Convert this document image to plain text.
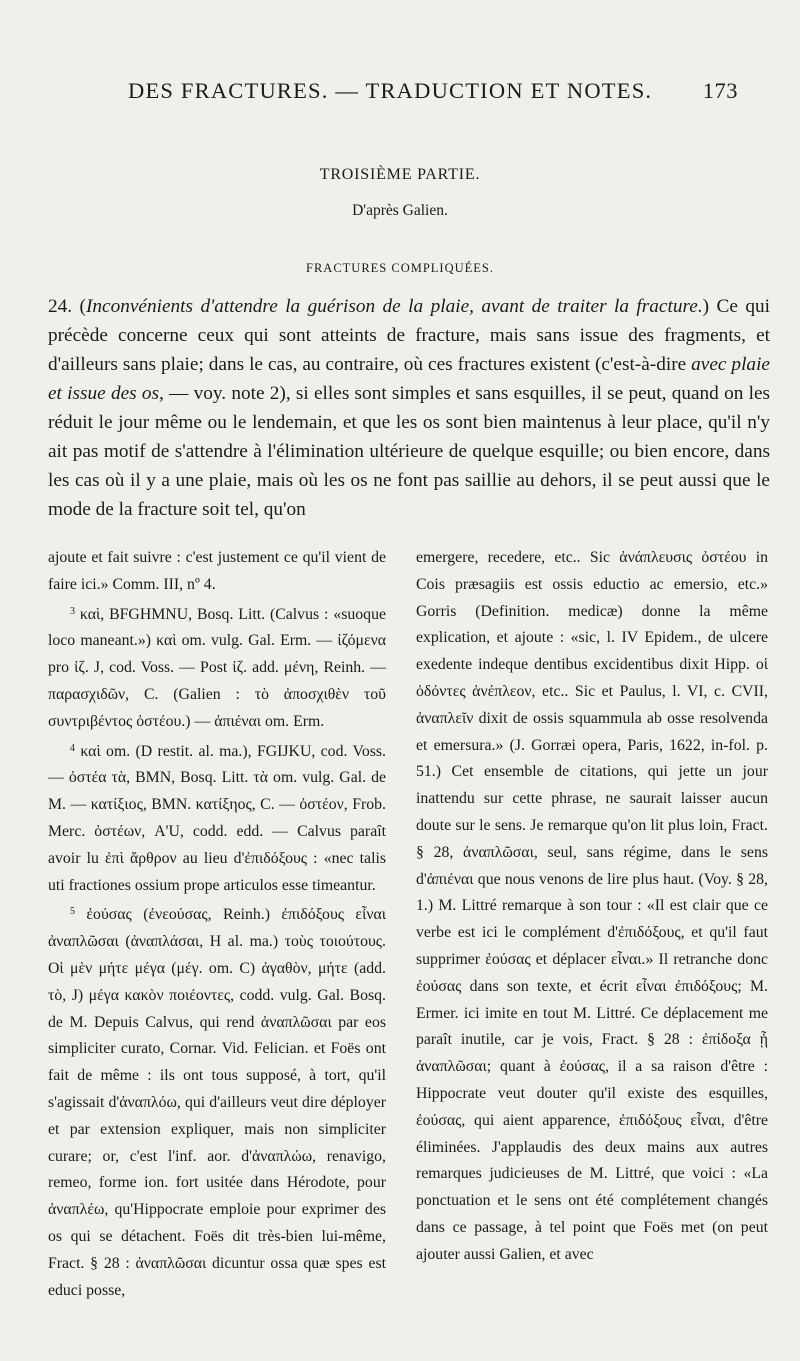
DES FRACTURES. — TRADUCTION ET NOTES. 173
TROISIÈME PARTIE.
D'après Galien.
FRACTURES COMPLIQUÉES.

24. (Inconvénients d'attendre la guérison de la plaie, avant de traiter la fracture.) Ce qui précède concerne ceux qui sont atteints de fracture, mais sans issue des fragments, et d'ailleurs sans plaie; dans le cas, au contraire, où ces fractures existent (c'est-à-dire avec plaie et issue des os, — voy. note 2), si elles sont simples et sans esquilles, il se peut, quand on les réduit le jour même ou le lendemain, et que les os sont bien maintenus à leur place, qu'il n'y ait pas motif de s'attendre à l'élimination ultérieure de quelque esquille; ou bien encore, dans les cas où il y a une plaie, mais où les os ne font pas saillie au dehors, il se peut aussi que le mode de la fracture soit tel, qu'on

ajoute et fait suivre : c'est justement ce qu'il vient de faire ici.» Comm. III, nº 4.

$^3$ καὶ, BFGHMNU, Bosq. Litt. (Calvus : «suoque loco maneant.») καὶ om. vulg. Gal. Erm. — ἰζόμενα pro ἰζ. J, cod. Voss. — Post ἰζ. add. μένη, Reinh. — παρασχιδῶν, C. (Galien : τὸ ἀποσχιθὲν τοῦ συντριβέντος ὀστέου.) — ἀπιέναι om. Erm.

$^4$ καὶ om. (D restit. al. ma.), FGIJKU, cod. Voss. — ὀστέα τὰ, BMN, Bosq. Litt. τὰ om. vulg. Gal. de M. — κατίξιος, BMN. κατίξηος, C. — ὀστέον, Frob. Merc. ὀστέων, A'U, codd. edd. — Calvus paraît avoir lu ἐπὶ ἄρθρον au lieu d'ἐπιδόξους : «nec talis uti fractiones ossium prope articulos esse timeantur.

$^5$ ἐούσας (ἐνεούσας, Reinh.) ἐπιδόξους εἶναι ἀναπλῶσαι (ἀναπλάσαι, H al. ma.) τοὺς τοιούτους. Οἱ μὲν μήτε μέγα (μέγ. om. C) ἀγαθὸν, μήτε (add. τὸ, J) μέγα κακὸν ποιέοντες, codd. vulg. Gal. Bosq. de M. Depuis Calvus, qui rend ἀναπλῶσαι par eos simpliciter curato, Cornar. Vid. Felician. et Foës ont fait de même : ils ont tous supposé, à tort, qu'il s'agissait d'ἀναπλόω, qui d'ailleurs veut dire déployer et par extension expliquer, mais non simpliciter curare; or, c'est l'inf. aor. d'ἀναπλώω, renavigo, remeo, forme ion. fort usitée dans Hérodote, pour ἀναπλέω, qu'Hippocrate emploie pour exprimer des os qui se détachent. Foës dit très-bien lui-même, Fract. § 28 : ἀναπλῶσαι dicuntur ossa quæ spes est educi posse,

emergere, recedere, etc.. Sic ἀνάπλευσις ὀστέου in Cois præsagiis est ossis eductio ac emersio, etc.» Gorris (Definition. medicæ) donne la même explication, et ajoute : «sic, l. IV Epidem., de ulcere exedente indeque dentibus excidentibus dixit Hipp. οἱ ὀδόντες ἀνέπλεον, etc.. Sic et Paulus, l. VI, c. CVII, ἀναπλεῖν dixit de ossis squammula ab osse resolvenda et emersura.» (J. Gorræi opera, Paris, 1622, in-fol. p. 51.) Cet ensemble de citations, qui jette un jour inattendu sur cette phrase, ne saurait laisser aucun doute sur le sens. Je remarque qu'on lit plus loin, Fract. § 28, ἀναπλῶσαι, seul, sans régime, dans le sens d'ἀπιέναι que nous venons de lire plus haut. (Voy. § 28, 1.) M. Littré remarque à son tour : «Il est clair que ce verbe est ici le complément d'ἐπιδόξους, et qu'il faut supprimer ἐούσας et déplacer εἶναι.» Il retranche donc ἐούσας dans son texte, et écrit εἶναι ἐπιδόξους; M. Ermer. ici imite en tout M. Littré. Ce déplacement me paraît inutile, car je vois, Fract. § 28 : ἐπίδοξα ᾗ ἀναπλῶσαι; quant à ἐούσας, il a sa raison d'être : Hippocrate veut douter qu'il existe des esquilles, ἐούσας, qui aient apparence, ἐπιδόξους εἶναι, d'être éliminées. J'applaudis des deux mains aux autres remarques judicieuses de M. Littré, que voici : «La ponctuation et le sens ont été complétement changés dans ce passage, à tel point que Foës met (on peut ajouter aussi Galien, et avec
